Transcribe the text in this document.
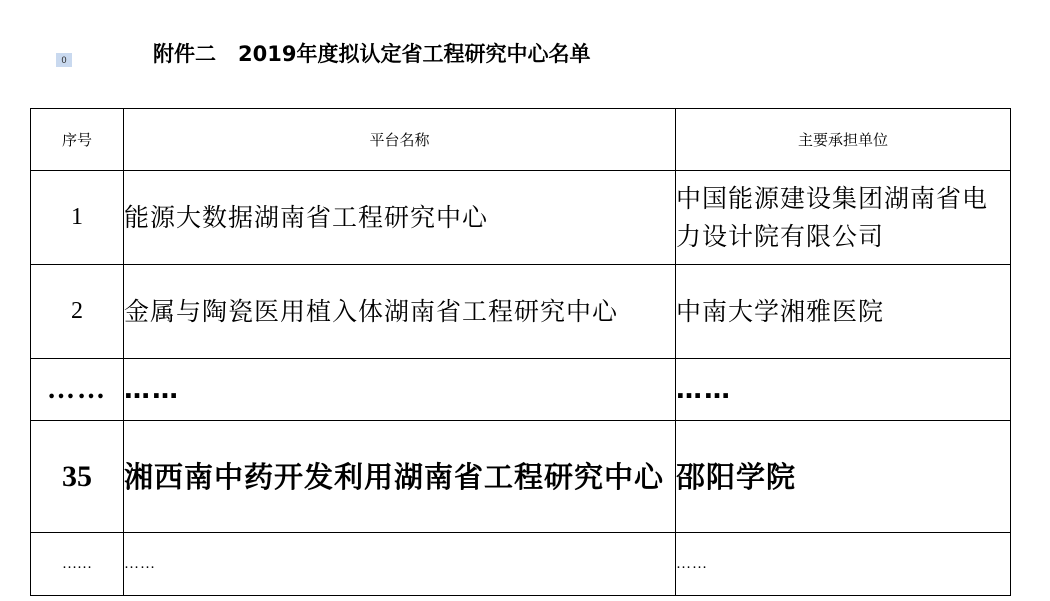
0	附件二 2019年度拟认定省工程研究中心名单
序号	平台名称	主要承担单位
1	能源大数据湖南省工程研究中心	中国能源建设集团湖南省电力设计院有限公司
2	金属与陶瓷医用植入体湖南省工程研究中心	中南大学湘雅医院
……	……	……
35	湘西南中药开发利用湖南省工程研究中心	邵阳学院
……	……	……
